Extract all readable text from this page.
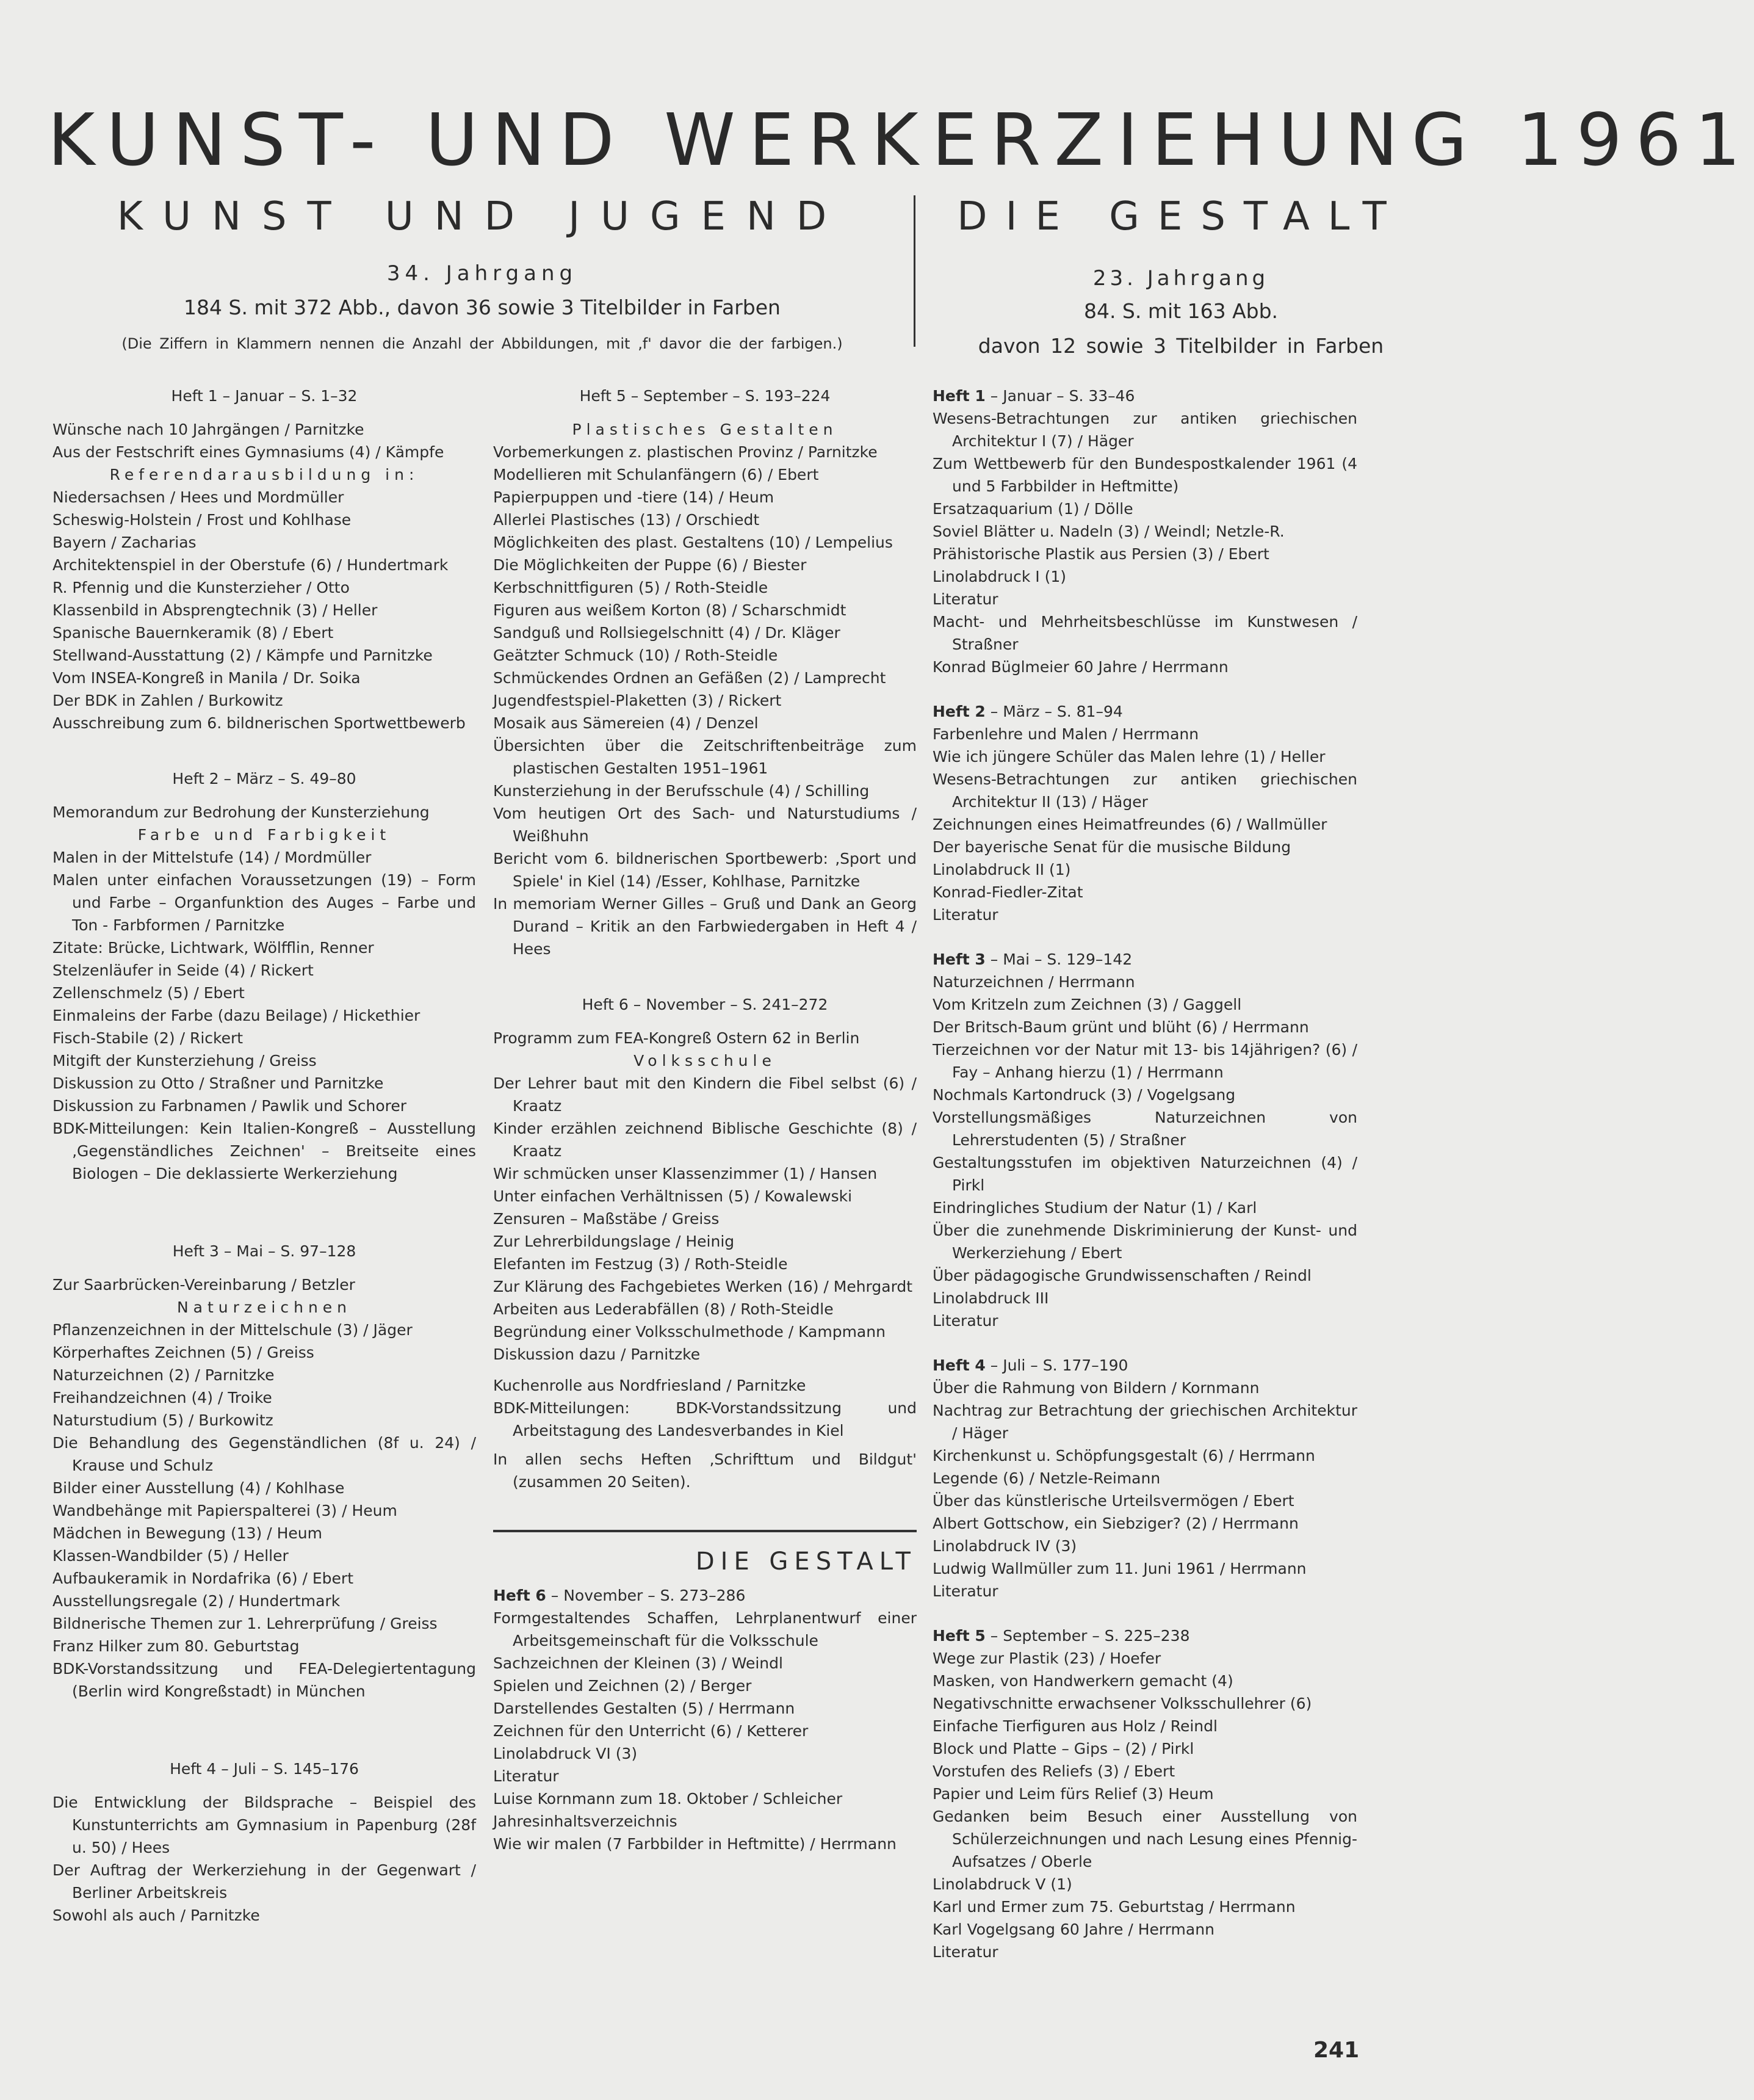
KUNST- UND WERKERZIEHUNG 1961
KUNST UND JUGEND
34. Jahrgang
184 S. mit 372 Abb., davon 36 sowie 3 Titelbilder in Farben
(Die Ziffern in Klammern nennen die Anzahl der Abbildungen, mit ‚f' davor die der farbigen.)
DIE GESTALT
23. Jahrgang
84. S. mit 163 Abb.
davon 12 sowie 3 Titelbilder in Farben
Heft 1 – Januar – S. 1–32
Wünsche nach 10 Jahrgängen / Parnitzke
Aus der Festschrift eines Gymnasiums (4) / Kämpfe
Referendarausbildung in:
Niedersachsen / Hees und Mordmüller
Scheswig-Holstein / Frost und Kohlhase
Bayern / Zacharias
Architektenspiel in der Oberstufe (6) / Hundertmark
R. Pfennig und die Kunsterzieher / Otto
Klassenbild in Absprengtechnik (3) / Heller
Spanische Bauernkeramik (8) / Ebert
Stellwand-Ausstattung (2) / Kämpfe und Parnitzke
Vom INSEA-Kongreß in Manila / Dr. Soika
Der BDK in Zahlen / Burkowitz
Ausschreibung zum 6. bildnerischen Sportwettbewerb
Heft 2 – März – S. 49–80
Memorandum zur Bedrohung der Kunsterziehung
Farbe und Farbigkeit
Malen in der Mittelstufe (14) / Mordmüller
Malen unter einfachen Voraussetzungen (19) – Form und Farbe – Organfunktion des Auges – Farbe und Ton - Farbformen / Parnitzke
Zitate: Brücke, Lichtwark, Wölfflin, Renner
Stelzenläufer in Seide (4) / Rickert
Zellenschmelz (5) / Ebert
Einmaleins der Farbe (dazu Beilage) / Hickethier
Fisch-Stabile (2) / Rickert
Mitgift der Kunsterziehung / Greiss
Diskussion zu Otto / Straßner und Parnitzke
Diskussion zu Farbnamen / Pawlik und Schorer
BDK-Mitteilungen: Kein Italien-Kongreß – Ausstellung ‚Gegenständliches Zeichnen' – Breitseite eines Biologen – Die deklassierte Werkerziehung
Heft 3 – Mai – S. 97–128
Zur Saarbrücken-Vereinbarung / Betzler
Naturzeichnen
Pflanzenzeichnen in der Mittelschule (3) / Jäger
Körperhaftes Zeichnen (5) / Greiss
Naturzeichnen (2) / Parnitzke
Freihandzeichnen (4) / Troike
Naturstudium (5) / Burkowitz
Die Behandlung des Gegenständlichen (8f u. 24) / Krause und Schulz
Bilder einer Ausstellung (4) / Kohlhase
Wandbehänge mit Papierspalterei (3) / Heum
Mädchen in Bewegung (13) / Heum
Klassen-Wandbilder (5) / Heller
Aufbaukeramik in Nordafrika (6) / Ebert
Ausstellungsregale (2) / Hundertmark
Bildnerische Themen zur 1. Lehrerprüfung / Greiss
Franz Hilker zum 80. Geburtstag
BDK-Vorstandssitzung und FEA-Delegiertentagung (Berlin wird Kongreßstadt) in München
Heft 4 – Juli – S. 145–176
Die Entwicklung der Bildsprache – Beispiel des Kunstunterrichts am Gymnasium in Papenburg (28f u. 50) / Hees
Der Auftrag der Werkerziehung in der Gegenwart / Berliner Arbeitskreis
Sowohl als auch / Parnitzke
Heft 5 – September – S. 193–224
Plastisches Gestalten
Vorbemerkungen z. plastischen Provinz / Parnitzke
Modellieren mit Schulanfängern (6) / Ebert
Papierpuppen und -tiere (14) / Heum
Allerlei Plastisches (13) / Orschiedt
Möglichkeiten des plast. Gestaltens (10) / Lempelius
Die Möglichkeiten der Puppe (6) / Biester
Kerbschnittfiguren (5) / Roth-Steidle
Figuren aus weißem Korton (8) / Scharschmidt
Sandguß und Rollsiegelschnitt (4) / Dr. Kläger
Geätzter Schmuck (10) / Roth-Steidle
Schmückendes Ordnen an Gefäßen (2) / Lamprecht
Jugendfestspiel-Plaketten (3) / Rickert
Mosaik aus Sämereien (4) / Denzel
Übersichten über die Zeitschriftenbeiträge zum plastischen Gestalten 1951–1961
Kunsterziehung in der Berufsschule (4) / Schilling
Vom heutigen Ort des Sach- und Naturstudiums / Weißhuhn
Bericht vom 6. bildnerischen Sportbewerb: ‚Sport und Spiele' in Kiel (14) /Esser, Kohlhase, Parnitzke
In memoriam Werner Gilles – Gruß und Dank an Georg Durand – Kritik an den Farbwiedergaben in Heft 4 / Hees
Heft 6 – November – S. 241–272
Programm zum FEA-Kongreß Ostern 62 in Berlin
Volksschule
Der Lehrer baut mit den Kindern die Fibel selbst (6) / Kraatz
Kinder erzählen zeichnend Biblische Geschichte (8) / Kraatz
Wir schmücken unser Klassenzimmer (1) / Hansen
Unter einfachen Verhältnissen (5) / Kowalewski
Zensuren – Maßstäbe / Greiss
Zur Lehrerbildungslage / Heinig
Elefanten im Festzug (3) / Roth-Steidle
Zur Klärung des Fachgebietes Werken (16) / Mehrgardt
Arbeiten aus Lederabfällen (8) / Roth-Steidle
Begründung einer Volksschulmethode / Kampmann
Diskussion dazu / Parnitzke
Kuchenrolle aus Nordfriesland / Parnitzke
BDK-Mitteilungen: BDK-Vorstandssitzung und Arbeitstagung des Landesverbandes in Kiel
In allen sechs Heften ‚Schrifttum und Bildgut' (zusammen 20 Seiten).
DIE GESTALT
Heft 6 – November – S. 273–286
Formgestaltendes Schaffen, Lehrplanentwurf einer Arbeitsgemeinschaft für die Volksschule
Sachzeichnen der Kleinen (3) / Weindl
Spielen und Zeichnen (2) / Berger
Darstellendes Gestalten (5) / Herrmann
Zeichnen für den Unterricht (6) / Ketterer
Linolabdruck VI (3)
Literatur
Luise Kornmann zum 18. Oktober / Schleicher
Jahresinhaltsverzeichnis
Wie wir malen (7 Farbbilder in Heftmitte) / Herrmann
Heft 1 – Januar – S. 33–46
Wesens-Betrachtungen zur antiken griechischen Architektur I (7) / Häger
Zum Wettbewerb für den Bundespostkalender 1961 (4 und 5 Farbbilder in Heftmitte)
Ersatzaquarium (1) / Dölle
Soviel Blätter u. Nadeln (3) / Weindl; Netzle-R.
Prähistorische Plastik aus Persien (3) / Ebert
Linolabdruck I (1)
Literatur
Macht- und Mehrheitsbeschlüsse im Kunstwesen / Straßner
Konrad Büglmeier 60 Jahre / Herrmann
Heft 2 – März – S. 81–94
Farbenlehre und Malen / Herrmann
Wie ich jüngere Schüler das Malen lehre (1) / Heller
Wesens-Betrachtungen zur antiken griechischen Architektur II (13) / Häger
Zeichnungen eines Heimatfreundes (6) / Wallmüller
Der bayerische Senat für die musische Bildung
Linolabdruck II (1)
Konrad-Fiedler-Zitat
Literatur
Heft 3 – Mai – S. 129–142
Naturzeichnen / Herrmann
Vom Kritzeln zum Zeichnen (3) / Gaggell
Der Britsch-Baum grünt und blüht (6) / Herrmann
Tierzeichnen vor der Natur mit 13- bis 14jährigen? (6) / Fay – Anhang hierzu (1) / Herrmann
Nochmals Kartondruck (3) / Vogelgsang
Vorstellungsmäßiges Naturzeichnen von Lehrerstudenten (5) / Straßner
Gestaltungsstufen im objektiven Naturzeichnen (4) / Pirkl
Eindringliches Studium der Natur (1) / Karl
Über die zunehmende Diskriminierung der Kunst- und Werkerziehung / Ebert
Über pädagogische Grundwissenschaften / Reindl
Linolabdruck III
Literatur
Heft 4 – Juli – S. 177–190
Über die Rahmung von Bildern / Kornmann
Nachtrag zur Betrachtung der griechischen Architektur / Häger
Kirchenkunst u. Schöpfungsgestalt (6) / Herrmann
Legende (6) / Netzle-Reimann
Über das künstlerische Urteilsvermögen / Ebert
Albert Gottschow, ein Siebziger? (2) / Herrmann
Linolabdruck IV (3)
Ludwig Wallmüller zum 11. Juni 1961 / Herrmann
Literatur
Heft 5 – September – S. 225–238
Wege zur Plastik (23) / Hoefer
Masken, von Handwerkern gemacht (4)
Negativschnitte erwachsener Volksschullehrer (6)
Einfache Tierfiguren aus Holz / Reindl
Block und Platte – Gips – (2) / Pirkl
Vorstufen des Reliefs (3) / Ebert
Papier und Leim fürs Relief (3) Heum
Gedanken beim Besuch einer Ausstellung von Schülerzeichnungen und nach Lesung eines Pfennig-Aufsatzes / Oberle
Linolabdruck V (1)
Karl und Ermer zum 75. Geburtstag / Herrmann
Karl Vogelgsang 60 Jahre / Herrmann
Literatur
241
